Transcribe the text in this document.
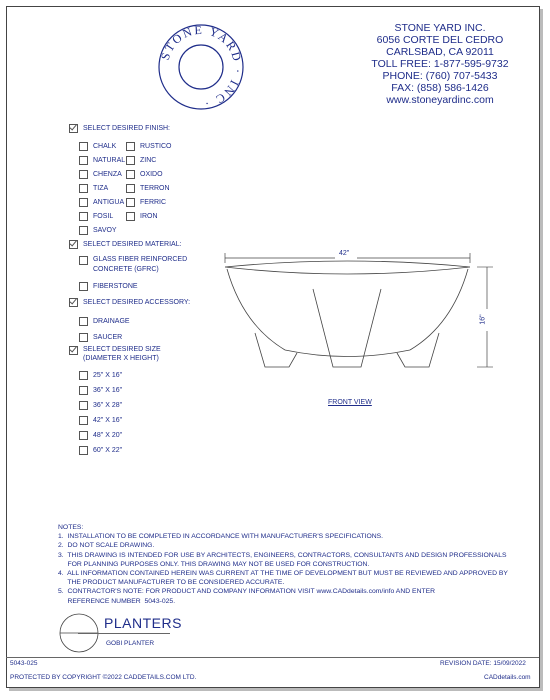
STONE YARD · INC ·
STONE YARD INC.
6056 CORTE DEL CEDRO
CARLSBAD, CA 92011
TOLL FREE: 1-877-595-9732
PHONE: (760) 707-5433
FAX: (858) 586-1426
www.stoneyardinc.com
SELECT DESIRED FINISH:
CHALK
NATURAL
CHENZA
TIZA
ANTIGUA
FOSIL
SAVOY
RUSTICO
ZINC
OXIDO
TERRON
FERRIC
IRON
SELECT DESIRED MATERIAL:
GLASS FIBER REINFORCED
CONCRETE (GFRC)
FIBERSTONE
SELECT DESIRED ACCESSORY:
DRAINAGE
SAUCER
SELECT DESIRED SIZE
(DIAMETER X HEIGHT)
25" X 16"
36" X 16"
36" X 28"
42" X 16"
48" X 20"
60" X 22"
42"
16"
FRONT VIEW
NOTES:
1.  INSTALLATION TO BE COMPLETED IN ACCORDANCE WITH MANUFACTURER'S SPECIFICATIONS.
2.  DO NOT SCALE DRAWING.
3.  THIS DRAWING IS INTENDED FOR USE BY ARCHITECTS, ENGINEERS, CONTRACTORS, CONSULTANTS AND DESIGN PROFESSIONALS
FOR PLANNING PURPOSES ONLY. THIS DRAWING MAY NOT BE USED FOR CONSTRUCTION.
4.  ALL INFORMATION CONTAINED HEREIN WAS CURRENT AT THE TIME OF DEVELOPMENT BUT MUST BE REVIEWED AND APPROVED BY
THE PRODUCT MANUFACTURER TO BE CONSIDERED ACCURATE.
5.  CONTRACTOR'S NOTE: FOR PRODUCT AND COMPANY INFORMATION VISIT www.CADdetails.com/info AND ENTER
REFERENCE NUMBER  5043-025.
PLANTERS
GOBI PLANTER
5043-025	REVISION DATE: 15/09/2022
PROTECTED BY COPYRIGHT ©2022 CADDETAILS.COM LTD.	CADdetails.com
